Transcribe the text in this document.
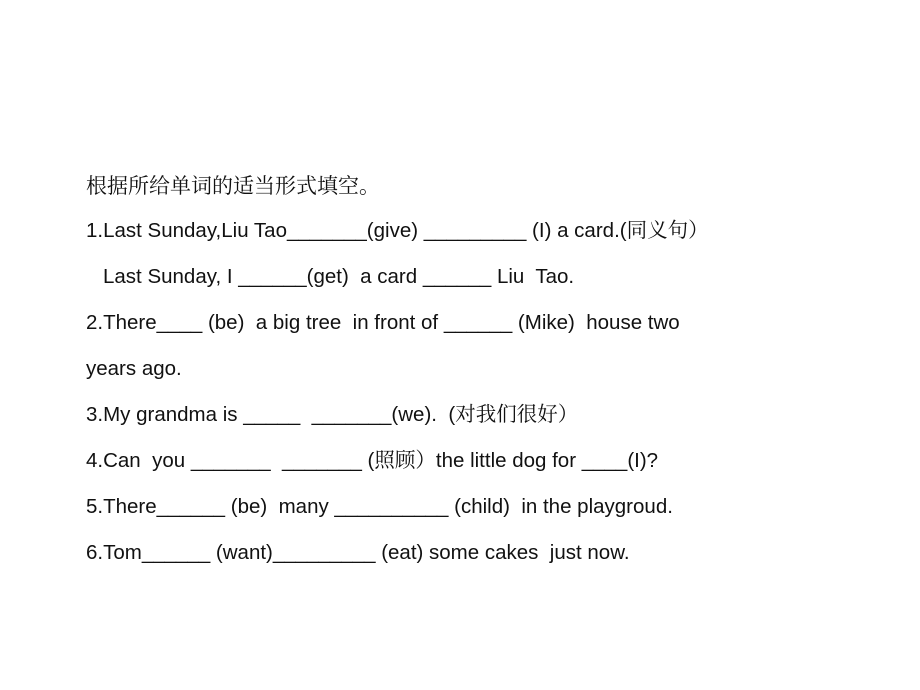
根据所给单词的适当形式填空。
1.Last Sunday,Liu Tao_______(give) _________ (I) a card.(同义句）
Last Sunday, I ______(get)  a card ______ Liu  Tao.
2.There____ (be)  a big tree  in front of ______ (Mike)  house two
years ago.
3.My grandma is _____  _______(we).  (对我们很好）
4.Can  you _______  _______ (照顾）the little dog for ____(I)?
5.There______ (be)  many __________ (child)  in the playgroud.
6.Tom______ (want)_________ (eat) some cakes  just now.
